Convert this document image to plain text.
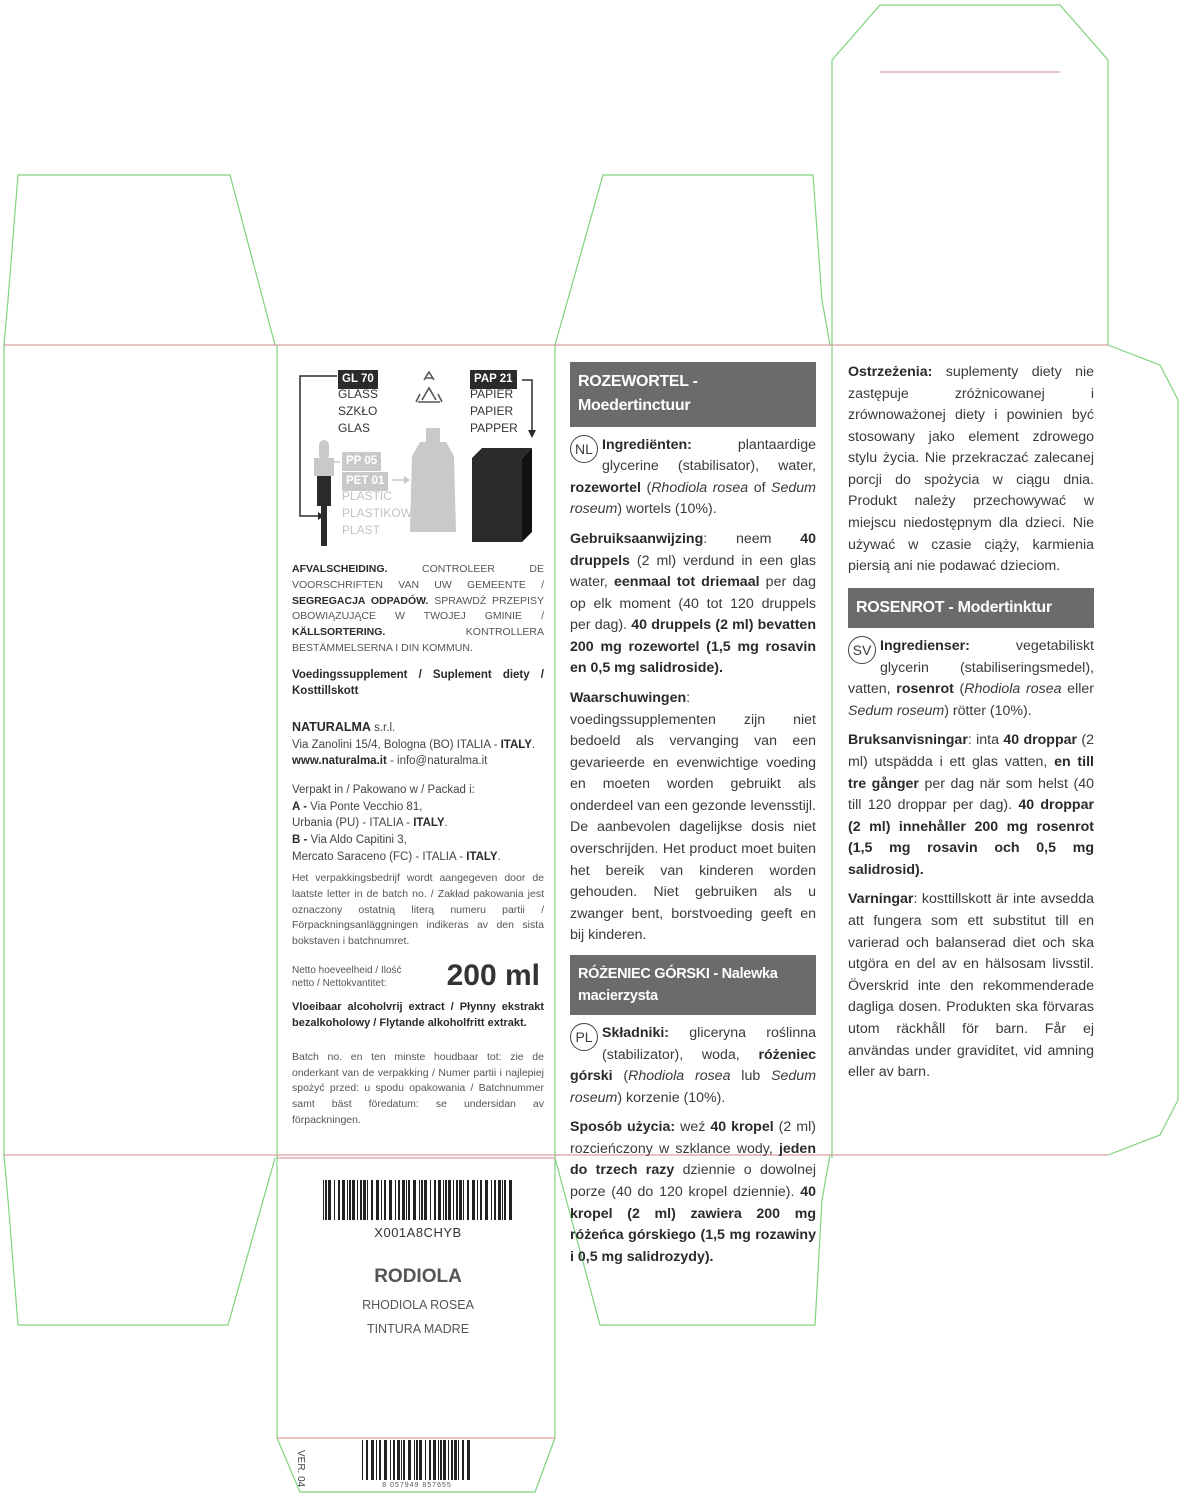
GL 70
GLASS
SZKŁO
GLAS
PAP 21
PAPIER
PAPIER
PAPPER
PP 05
PET 01
PLASTIC
PLASTIKOWY
PLAST
AFVALSCHEIDING. CONTROLEER DE VOORSCHRIFTEN VAN UW GEMEENTE / SEGREGACJA ODPADÓW. SPRAWDŹ PRZEPISY OBOWIĄZUJĄCE W TWOJEJ GMINIE / KÄLLSORTERING. KONTROLLERA BESTÄMMELSERNA I DIN KOMMUN.
Voedingssupplement / Suplement diety / Kosttillskott
NATURALMA s.r.l.
Via Zanolini 15/4, Bologna (BO) ITALIA - ITALY.
www.naturalma.it - info@naturalma.it
Verpakt in / Pakowano w / Packad i:
A - Via Ponte Vecchio 81,
Urbania (PU) - ITALIA - ITALY.
B - Via Aldo Capitini 3,
Mercato Saraceno (FC) - ITALIA - ITALY.
Het verpakkingsbedrijf wordt aangegeven door de laatste letter in de batch no. / Zakład pakowania jest oznaczony ostatnią literą numeru partii / Förpackningsanläggningen indikeras av den sista bokstaven i batchnumret.
Netto hoeveelheid / Ilość netto / Nettokvantitet:	200 ml
Vloeibaar alcoholvrij extract / Płynny ekstrakt bezalkoholowy / Flytande alkoholfritt extrakt.
Batch no. en ten minste houdbaar tot: zie de onderkant van de verpakking / Numer partii i najlepiej spożyć przed: u spodu opakowania / Batchnummer samt bäst föredatum: se undersidan av förpackningen.
ROZEWORTEL - Moedertinctuur
NL Ingrediënten: plantaardige glycerine (stabilisator), water, rozewortel (Rhodiola rosea of Sedum roseum) wortels (10%).
Gebruiksaanwijzing: neem 40 druppels (2 ml) verdund in een glas water, eenmaal tot driemaal per dag op elk moment (40 tot 120 druppels per dag). 40 druppels (2 ml) bevatten 200 mg rozewortel (1,5 mg rosavin en 0,5 mg salidroside).
Waarschuwingen: voedingssupplementen zijn niet bedoeld als vervanging van een gevarieerde en evenwichtige voeding en moeten worden gebruikt als onderdeel van een gezonde levensstijl. De aanbevolen dagelijkse dosis niet overschrijden. Het product moet buiten het bereik van kinderen worden gehouden. Niet gebruiken als u zwanger bent, borstvoeding geeft en bij kinderen.
RÓŻENIEC GÓRSKI - Nalewka macierzysta
PL Składniki: gliceryna roślinna (stabilizator), woda, różeniec górski (Rhodiola rosea lub Sedum roseum) korzenie (10%).
Sposób użycia: weź 40 kropel (2 ml) rozcieńczony w szklance wody, jeden do trzech razy dziennie o dowolnej porze (40 do 120 kropel dziennie). 40 kropel (2 ml) zawiera 200 mg różeńca górskiego (1,5 mg rozawiny i 0,5 mg salidrozydy).
Ostrzeżenia: suplementy diety nie zastępuje zróżnicowanej i zrównoważonej diety i powinien być stosowany jako element zdrowego stylu życia. Nie przekraczać zalecanej porcji do spożycia w ciągu dnia. Produkt należy przechowywać w miejscu niedostępnym dla dzieci. Nie używać w czasie ciąży, karmienia piersią ani nie podawać dzieciom.
ROSENROT - Modertinktur
SV Ingredienser: vegetabiliskt glycerin (stabiliseringsmedel), vatten, rosenrot (Rhodiola rosea eller Sedum roseum) rötter (10%).
Bruksanvisningar: inta 40 droppar (2 ml) utspädda i ett glas vatten, en till tre gånger per dag när som helst (40 till 120 droppar per dag). 40 droppar (2 ml) innehåller 200 mg rosenrot (1,5 mg rosavin och 0,5 mg salidrosid).
Varningar: kosttillskott är inte avsedda att fungera som ett substitut till en varierad och balanserad diet och ska utgöra en del av en hälsosam livsstil. Överskrid inte den rekommenderade dagliga dosen. Produkten ska förvaras utom räckhåll för barn. Får ej användas under graviditet, vid amning eller av barn.
X001A8CHYB
RODIOLA
RHODIOLA ROSEA
TINTURA MADRE
VER. 04	8 057949 857655
